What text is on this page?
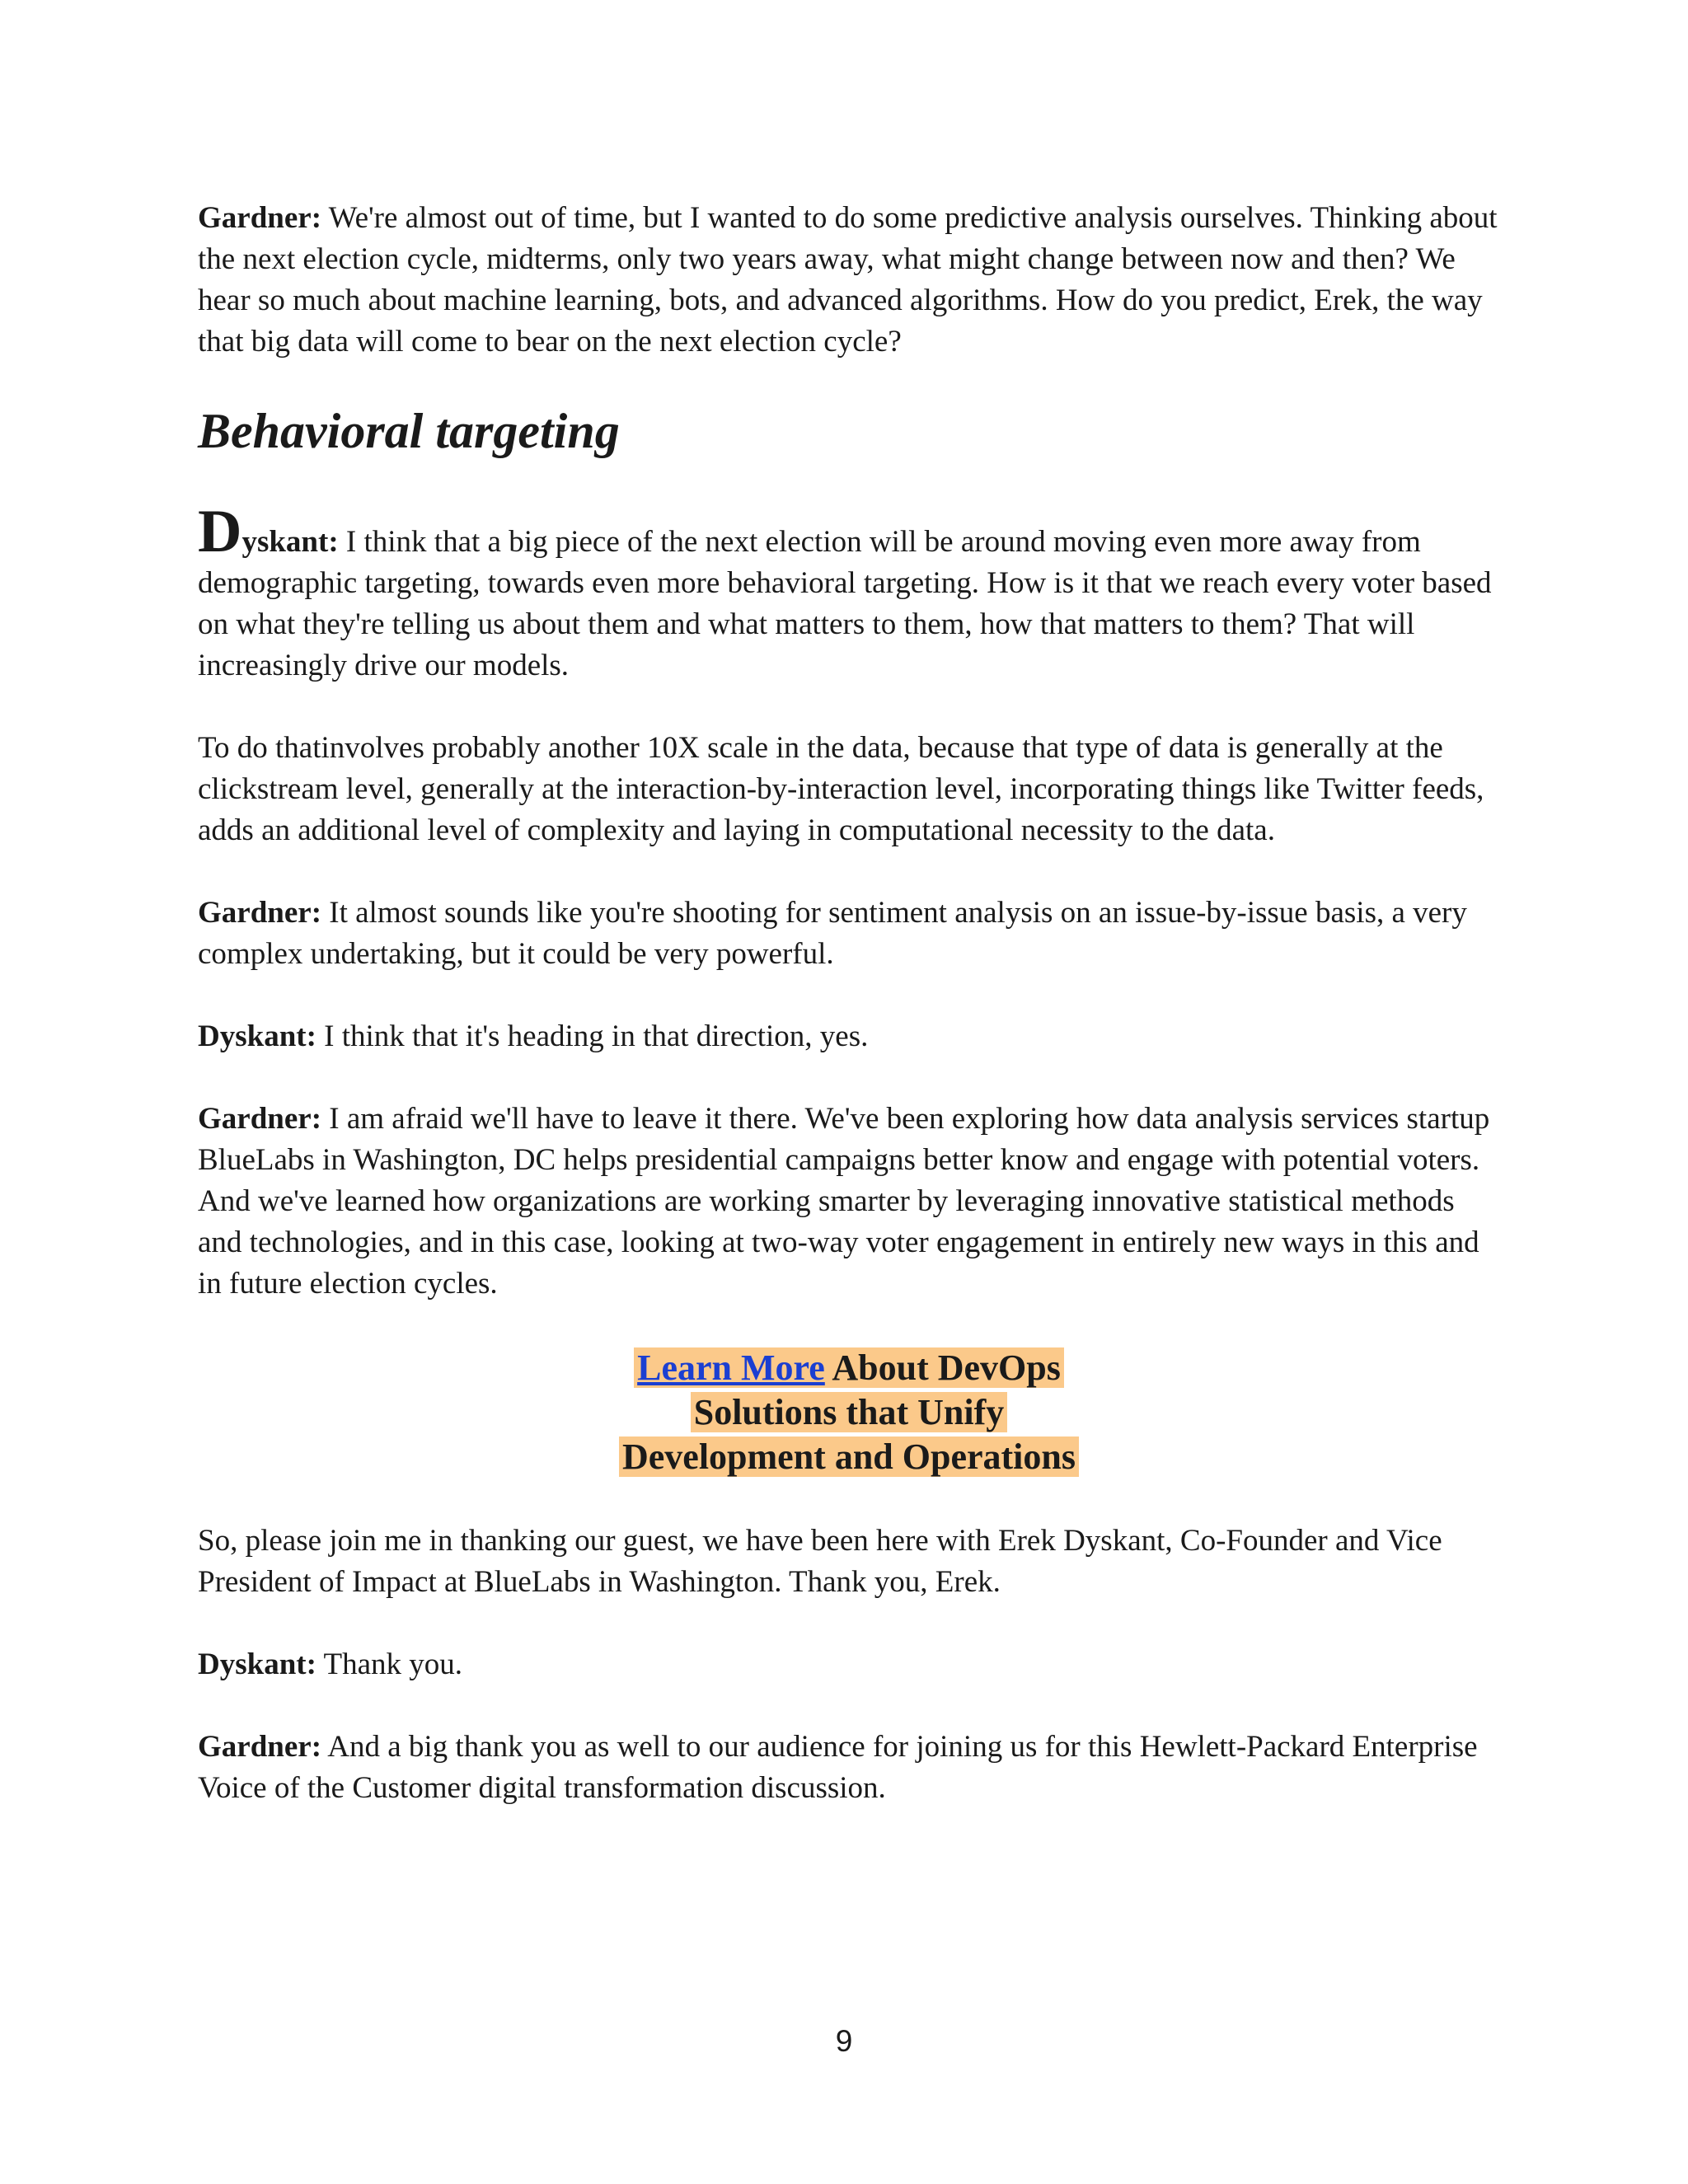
Gardner: We're almost out of time, but I wanted to do some predictive analysis ourselves. Thinking about the next election cycle, midterms, only two years away, what might change between now and then? We hear so much about machine learning, bots, and advanced algorithms. How do you predict, Erek, the way that big data will come to bear on the next election cycle?

Behavioral targeting

Dyskant: I think that a big piece of the next election will be around moving even more away from demographic targeting, towards even more behavioral targeting. How is it that we reach every voter based on what they're telling us about them and what matters to them, how that matters to them? That will increasingly drive our models.

To do thatinvolves probably another 10X scale in the data, because that type of data is generally at the clickstream level, generally at the interaction-by-interaction level, incorporating things like Twitter feeds, adds an additional level of complexity and laying in computational necessity to the data.

Gardner: It almost sounds like you're shooting for sentiment analysis on an issue-by-issue basis, a very complex undertaking, but it could be very powerful.

Dyskant: I think that it's heading in that direction, yes.

Gardner: I am afraid we'll have to leave it there. We've been exploring how data analysis services startup BlueLabs in Washington, DC helps presidential campaigns better know and engage with potential voters. And we've learned how organizations are working smarter by leveraging innovative statistical methods and technologies, and in this case, looking at two-way voter engagement in entirely new ways in this and in future election cycles.

Learn More About DevOps
Solutions that Unify
Development and Operations

So, please join me in thanking our guest, we have been here with Erek Dyskant, Co-Founder and Vice President of Impact at BlueLabs in Washington. Thank you, Erek.

Dyskant: Thank you.

Gardner: And a big thank you as well to our audience for joining us for this Hewlett-Packard Enterprise Voice of the Customer digital transformation discussion.

9
